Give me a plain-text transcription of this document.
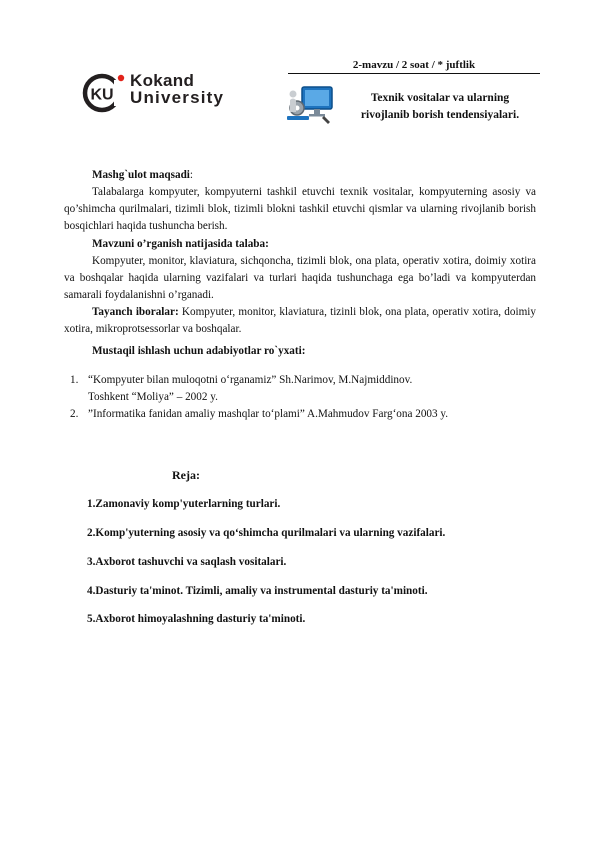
2-mavzu / 2 soat / * juftlik
KU
Kokand
University	Texnik vositalar va ularning
rivojlanib borish tendensiyalari.
Mashg`ulot maqsadi:
Talabalarga kompyuter, kompyuterni tashkil etuvchi texnik vositalar, kompyuterning asosiy va qo’shimcha qurilmalari, tizimli blok, tizimli blokni tashkil etuvchi qismlar va ularning rivojlanib borish bosqichlari haqida tushuncha berish.
Mavzuni o’rganish natijasida talaba:
Kompyuter, monitor, klaviatura, sichqoncha, tizimli blok, ona plata, operativ xotira, doimiy xotira va boshqalar haqida ularning vazifalari va turlari haqida tushunchaga ega bo’ladi va kompyuterdan samarali foydalanishni o’rganadi.
Tayanch iboralar: Kompyuter, monitor, klaviatura, tizinli blok, ona plata, operativ xotira, doimiy xotira, mikroprotsessorlar va boshqalar.
Mustaqil ishlash uchun adabiyotlar ro`yxati:
1. “Kompyuter bilan muloqotni o‘rganamiz” Sh.Narimov, M.Najmiddinov.
Toshkent “Moliya” – 2002 y.
2. ”Informatika fanidan amaliy mashqlar to‘plami” A.Mahmudov Farg‘ona 2003 y.
Reja:
1.Zamonaviy komp'yuterlarning turlari.
2.Komp'yuterning asosiy va qo‘shimcha qurilmalari va ularning vazifalari.
3.Axborot tashuvchi va saqlash vositalari.
4.Dasturiy ta'minot. Tizimli, amaliy va instrumental dasturiy ta'minoti.
5.Axborot himoyalashning dasturiy ta'minoti.
